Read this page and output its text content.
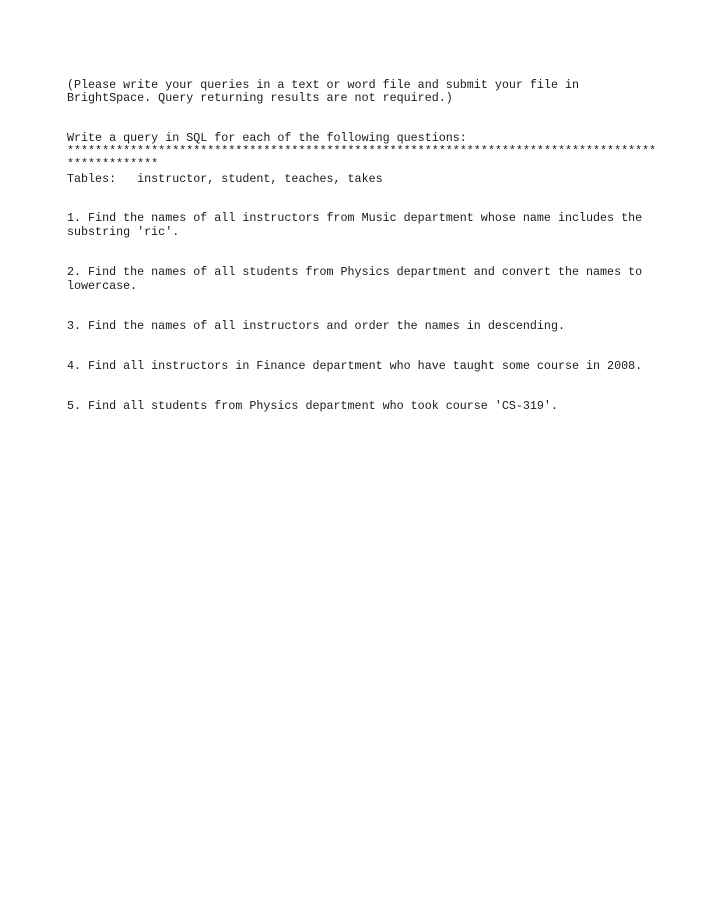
(Please write your queries in a text or word file and submit your file in

BrightSpace. Query returning results are not required.)

Write a query in SQL for each of the following questions:

************************************************************************************

*************

Tables:   instructor, student, teaches, takes

1. Find the names of all instructors from Music department whose name includes the

substring 'ric'.

2. Find the names of all students from Physics department and convert the names to

lowercase.

3. Find the names of all instructors and order the names in descending.

4. Find all instructors in Finance department who have taught some course in 2008.

5. Find all students from Physics department who took course 'CS-319'.
